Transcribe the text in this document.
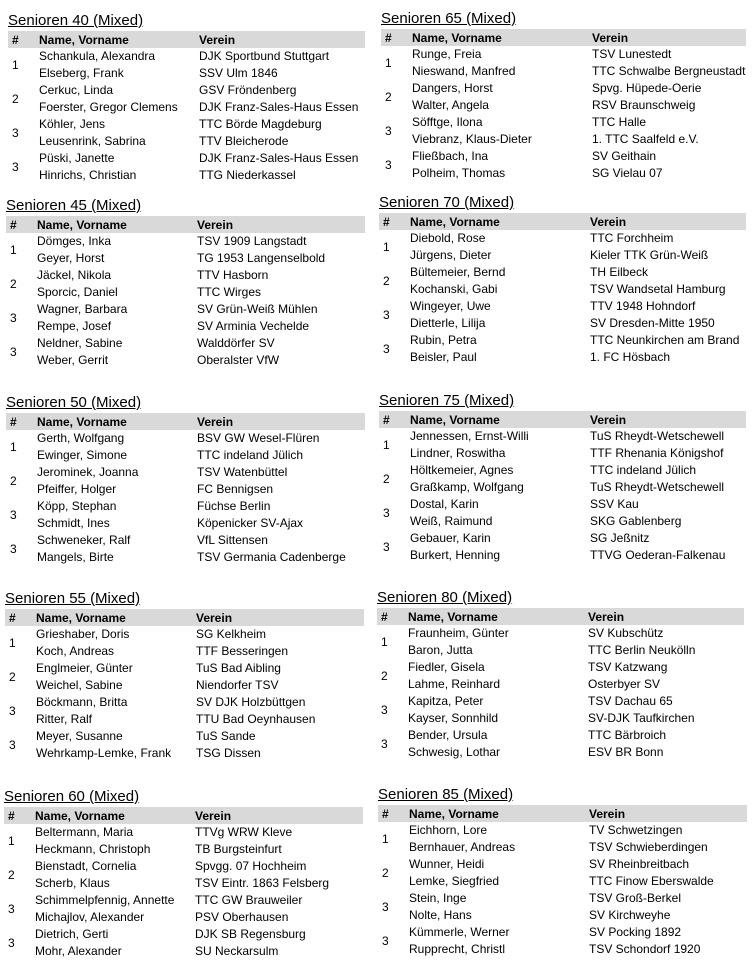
Senioren 40 (Mixed)
#	Name, Vorname	Verein
1	Schankula, Alexandra	DJK Sportbund Stuttgart
	Elseberg, Frank	SSV Ulm 1846
2	Cerkuc, Linda	GSV Fröndenberg
	Foerster, Gregor Clemens	DJK Franz-Sales-Haus Essen
3	Köhler, Jens	TTC Börde Magdeburg
	Leusenrink, Sabrina	TTV Bleicherode
3	Püski, Janette	DJK Franz-Sales-Haus Essen
	Hinrichs, Christian	TTG Niederkassel
Senioren 45 (Mixed)
#	Name, Vorname	Verein
1	Dömges, Inka	TSV 1909 Langstadt
	Geyer, Horst	TG 1953 Langenselbold
2	Jäckel, Nikola	TTV Hasborn
	Sporcic, Daniel	TTC Wirges
3	Wagner, Barbara	SV Grün-Weiß Mühlen
	Rempe, Josef	SV Arminia Vechelde
3	Neldner, Sabine	Walddörfer SV
	Weber, Gerrit	Oberalster VfW
Senioren 50 (Mixed)
#	Name, Vorname	Verein
1	Gerth, Wolfgang	BSV GW Wesel-Flüren
	Ewinger, Simone	TTC indeland Jülich
2	Jerominek, Joanna	TSV Watenbüttel
	Pfeiffer, Holger	FC Bennigsen
3	Köpp, Stephan	Füchse Berlin
	Schmidt, Ines	Köpenicker SV-Ajax
3	Schweneker, Ralf	VfL Sittensen
	Mangels, Birte	TSV Germania Cadenberge
Senioren 55 (Mixed)
#	Name, Vorname	Verein
1	Grieshaber, Doris	SG Kelkheim
	Koch, Andreas	TTF Besseringen
2	Englmeier, Günter	TuS Bad Aibling
	Weichel, Sabine	Niendorfer TSV
3	Böckmann, Britta	SV DJK Holzbüttgen
	Ritter, Ralf	TTU Bad Oeynhausen
3	Meyer, Susanne	TuS Sande
	Wehrkamp-Lemke, Frank	TSG Dissen
Senioren 60 (Mixed)
#	Name, Vorname	Verein
1	Beltermann, Maria	TTVg WRW Kleve
	Heckmann, Christoph	TB Burgsteinfurt
2	Bienstadt, Cornelia	Spvgg. 07 Hochheim
	Scherb, Klaus	TSV Eintr. 1863 Felsberg
3	Schimmelpfennig, Annette	TTC GW Brauweiler
	Michajlov, Alexander	PSV Oberhausen
3	Dietrich, Gerti	DJK SB Regensburg
	Mohr, Alexander	SU Neckarsulm
Senioren 65 (Mixed)
#	Name, Vorname	Verein
1	Runge, Freia	TSV Lunestedt
	Nieswand, Manfred	TTC Schwalbe Bergneustadt
2	Dangers, Horst	Spvg. Hüpede-Oerie
	Walter, Angela	RSV Braunschweig
3	Söfftge, Ilona	TTC Halle
	Viebranz, Klaus-Dieter	1. TTC Saalfeld e.V.
3	Fließbach, Ina	SV Geithain
	Polheim, Thomas	SG Vielau 07
Senioren 70 (Mixed)
#	Name, Vorname	Verein
1	Diebold, Rose	TTC Forchheim
	Jürgens, Dieter	Kieler TTK Grün-Weiß
2	Bültemeier, Bernd	TH Eilbeck
	Kochanski, Gabi	TSV Wandsetal Hamburg
3	Wingeyer, Uwe	TTV 1948 Hohndorf
	Dietterle, Lilija	SV Dresden-Mitte 1950
3	Rubin, Petra	TTC Neunkirchen am Brand
	Beisler, Paul	1. FC Hösbach
Senioren 75 (Mixed)
#	Name, Vorname	Verein
1	Jennessen, Ernst-Willi	TuS Rheydt-Wetschewell
	Lindner, Roswitha	TTF Rhenania Königshof
2	Höltkemeier, Agnes	TTC indeland Jülich
	Graßkamp, Wolfgang	TuS Rheydt-Wetschewell
3	Dostal, Karin	SSV Kau
	Weiß, Raimund	SKG Gablenberg
3	Gebauer, Karin	SG Jeßnitz
	Burkert, Henning	TTVG Oederan-Falkenau
Senioren 80 (Mixed)
#	Name, Vorname	Verein
1	Fraunheim, Günter	SV Kubschütz
	Baron, Jutta	TTC Berlin Neukölln
2	Fiedler, Gisela	TSV Katzwang
	Lahme, Reinhard	Osterbyer SV
3	Kapitza, Peter	TSV Dachau 65
	Kayser, Sonnhild	SV-DJK Taufkirchen
3	Bender, Ursula	TTC Bärbroich
	Schwesig, Lothar	ESV BR Bonn
Senioren 85 (Mixed)
#	Name, Vorname	Verein
1	Eichhorn, Lore	TV Schwetzingen
	Bernhauer, Andreas	TSV Schwieberdingen
2	Wunner, Heidi	SV Rheinbreitbach
	Lemke, Siegfried	TTC Finow Eberswalde
3	Stein, Inge	TSV Groß-Berkel
	Nolte, Hans	SV Kirchweyhe
3	Kümmerle, Werner	SV Pocking 1892
	Rupprecht, Christl	TSV Schondorf 1920
